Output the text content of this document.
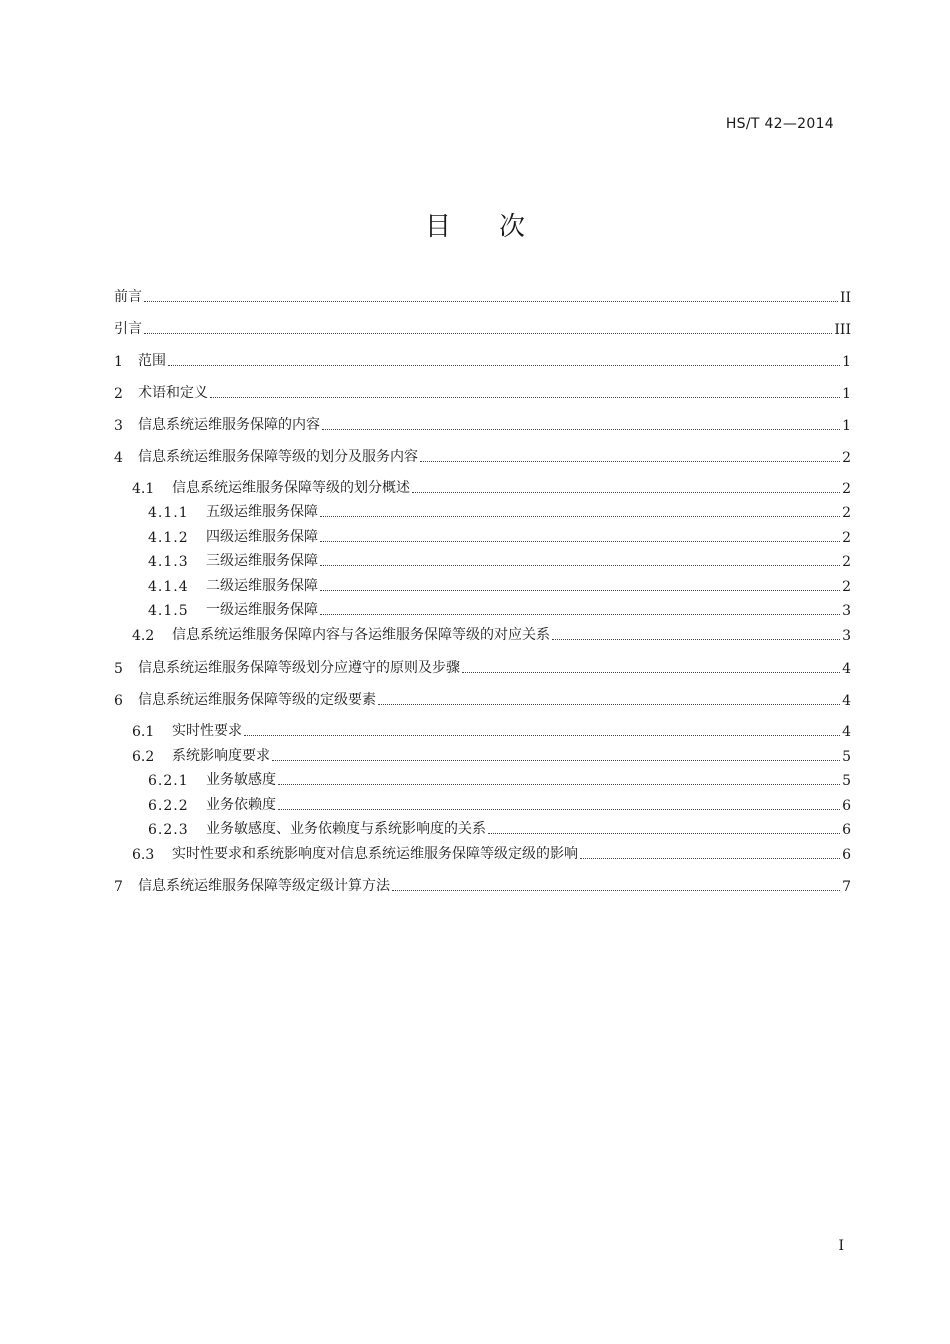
HS/T 42—2014
目次
前言	II
引言	III
1	范围	1
2	术语和定义	1
3	信息系统运维服务保障的内容	1
4	信息系统运维服务保障等级的划分及服务内容	2
4.1	信息系统运维服务保障等级的划分概述	2
4.1.1	五级运维服务保障	2
4.1.2	四级运维服务保障	2
4.1.3	三级运维服务保障	2
4.1.4	二级运维服务保障	2
4.1.5	一级运维服务保障	3
4.2	信息系统运维服务保障内容与各运维服务保障等级的对应关系	3
5	信息系统运维服务保障等级划分应遵守的原则及步骤	4
6	信息系统运维服务保障等级的定级要素	4
6.1	实时性要求	4
6.2	系统影响度要求	5
6.2.1	业务敏感度	5
6.2.2	业务依赖度	6
6.2.3	业务敏感度、业务依赖度与系统影响度的关系	6
6.3	实时性要求和系统影响度对信息系统运维服务保障等级定级的影响	6
7	信息系统运维服务保障等级定级计算方法	7
I
